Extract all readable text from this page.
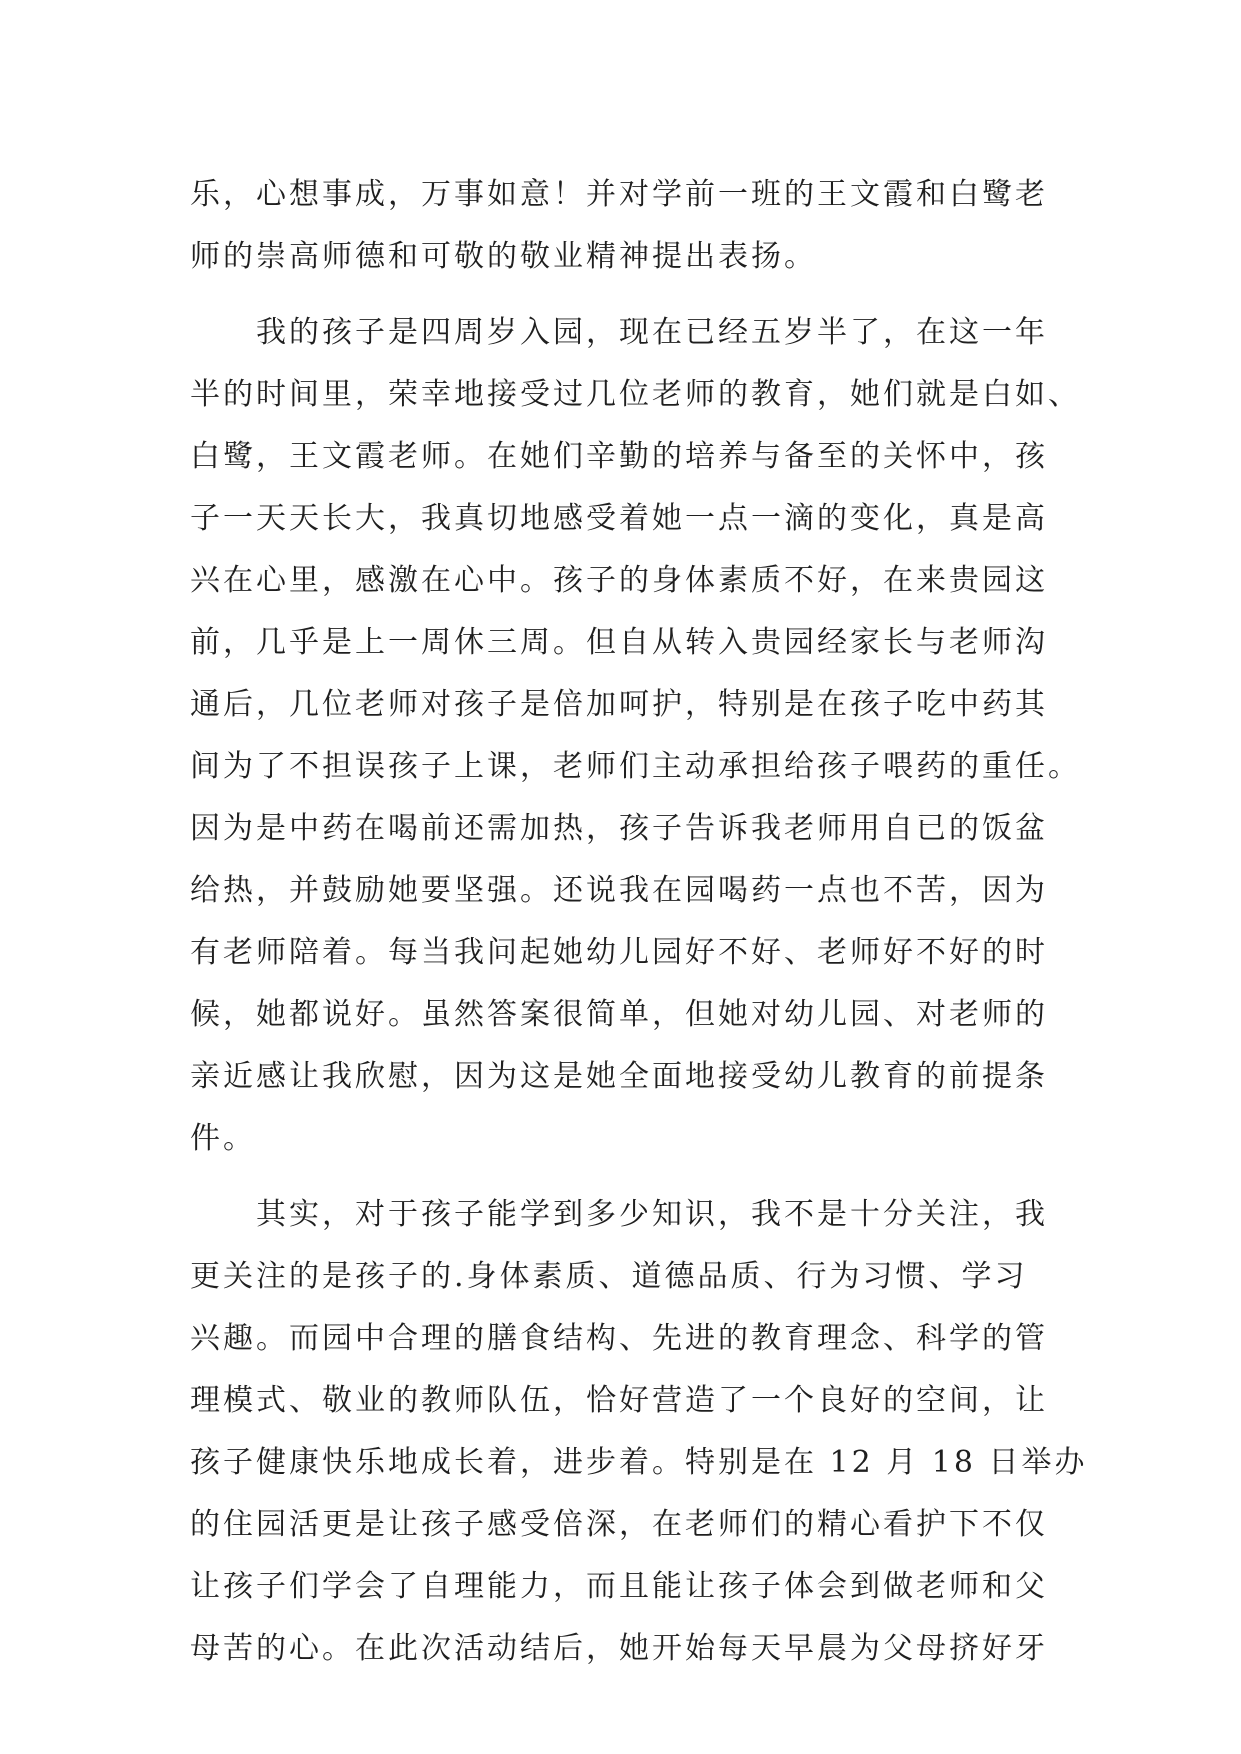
乐，心想事成，万事如意！并对学前一班的王文霞和白鹭老
师的崇高师德和可敬的敬业精神提出表扬。
我的孩子是四周岁入园，现在已经五岁半了，在这一年
半的时间里，荣幸地接受过几位老师的教育，她们就是白如、
白鹭，王文霞老师。在她们辛勤的培养与备至的关怀中，孩
子一天天长大，我真切地感受着她一点一滴的变化，真是高
兴在心里，感激在心中。孩子的身体素质不好，在来贵园这
前，几乎是上一周休三周。但自从转入贵园经家长与老师沟
通后，几位老师对孩子是倍加呵护，特别是在孩子吃中药其
间为了不担误孩子上课，老师们主动承担给孩子喂药的重任。
因为是中药在喝前还需加热，孩子告诉我老师用自已的饭盆
给热，并鼓励她要坚强。还说我在园喝药一点也不苦，因为
有老师陪着。每当我问起她幼儿园好不好、老师好不好的时
候，她都说好。虽然答案很简单，但她对幼儿园、对老师的
亲近感让我欣慰，因为这是她全面地接受幼儿教育的前提条
件。
其实，对于孩子能学到多少知识，我不是十分关注，我
更关注的是孩子的.身体素质、道德品质、行为习惯、学习
兴趣。而园中合理的膳食结构、先进的教育理念、科学的管
理模式、敬业的教师队伍，恰好营造了一个良好的空间，让
孩子健康快乐地成长着，进步着。特别是在 12 月 18 日举办
的住园活更是让孩子感受倍深，在老师们的精心看护下不仅
让孩子们学会了自理能力，而且能让孩子体会到做老师和父
母苦的心。在此次活动结后，她开始每天早晨为父母挤好牙
